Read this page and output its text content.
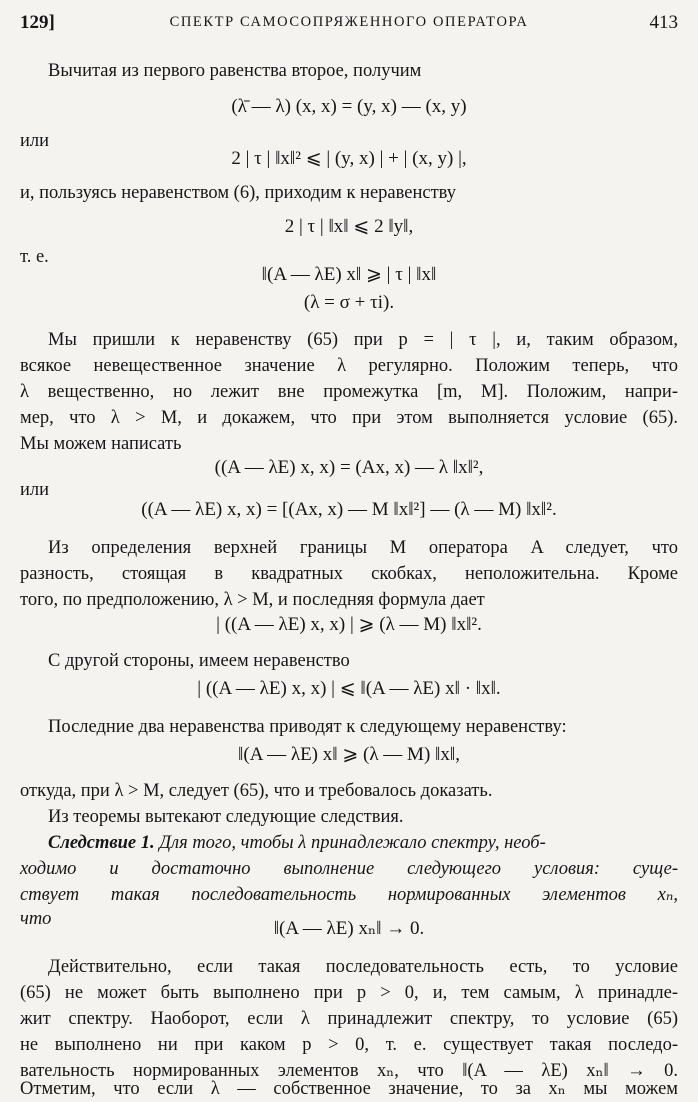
129]	СПЕКТР САМОСОПРЯЖЕННОГО ОПЕРАТОРА	413
Вычитая из первого равенства второе, получим
(λ̄ — λ) (x, x) = (y, x) — (x, y)
или
2 | τ | ‖x‖² ⩽ | (y, x) | + | (x, y) |,
и, пользуясь неравенством (6), приходим к неравенству
2 | τ | ‖x‖ ⩽ 2 ‖y‖,
т. е.
‖(A — λE) x‖ ⩾ | τ | ‖x‖
(λ = σ + τi).
Мы пришли к неравенству (65) при p = | τ |, и, таким образом,
всякое невещественное значение λ регулярно. Положим теперь, что
λ вещественно, но лежит вне промежутка [m, M]. Положим, напри-
мер, что λ > M, и докажем, что при этом выполняется условие (65).
Мы можем написать
((A — λE) x, x) = (Ax, x) — λ ‖x‖²,
или
((A — λE) x, x) = [(Ax, x) — M ‖x‖²] — (λ — M) ‖x‖².
Из определения верхней границы M оператора A следует, что
разность, стоящая в квадратных скобках, неположительна. Кроме
того, по предположению, λ > M, и последняя формула дает
| ((A — λE) x, x) | ⩾ (λ — M) ‖x‖².
С другой стороны, имеем неравенство
| ((A — λE) x, x) | ⩽ ‖(A — λE) x‖ · ‖x‖.
Последние два неравенства приводят к следующему неравенству:
‖(A — λE) x‖ ⩾ (λ — M) ‖x‖,
откуда, при λ > M, следует (65), что и требовалось доказать.
Из теоремы вытекают следующие следствия.
Следствие 1. Для того, чтобы λ принадлежало спектру, необ-
ходимо и достаточно выполнение следующего условия: суще-
ствует такая последовательность нормированных элементов xₙ,
что	‖(A — λE) xₙ‖ → 0.
Действительно, если такая последовательность есть, то условие
(65) не может быть выполнено при p > 0, и, тем самым, λ принадле-
жит спектру. Наоборот, если λ принадлежит спектру, то условие (65)
не выполнено ни при каком p > 0, т. е. существует такая последо-
вательность нормированных элементов xₙ, что ‖(A — λE) xₙ‖ → 0.
Отметим, что если λ — собственное значение, то за xₙ мы можем
